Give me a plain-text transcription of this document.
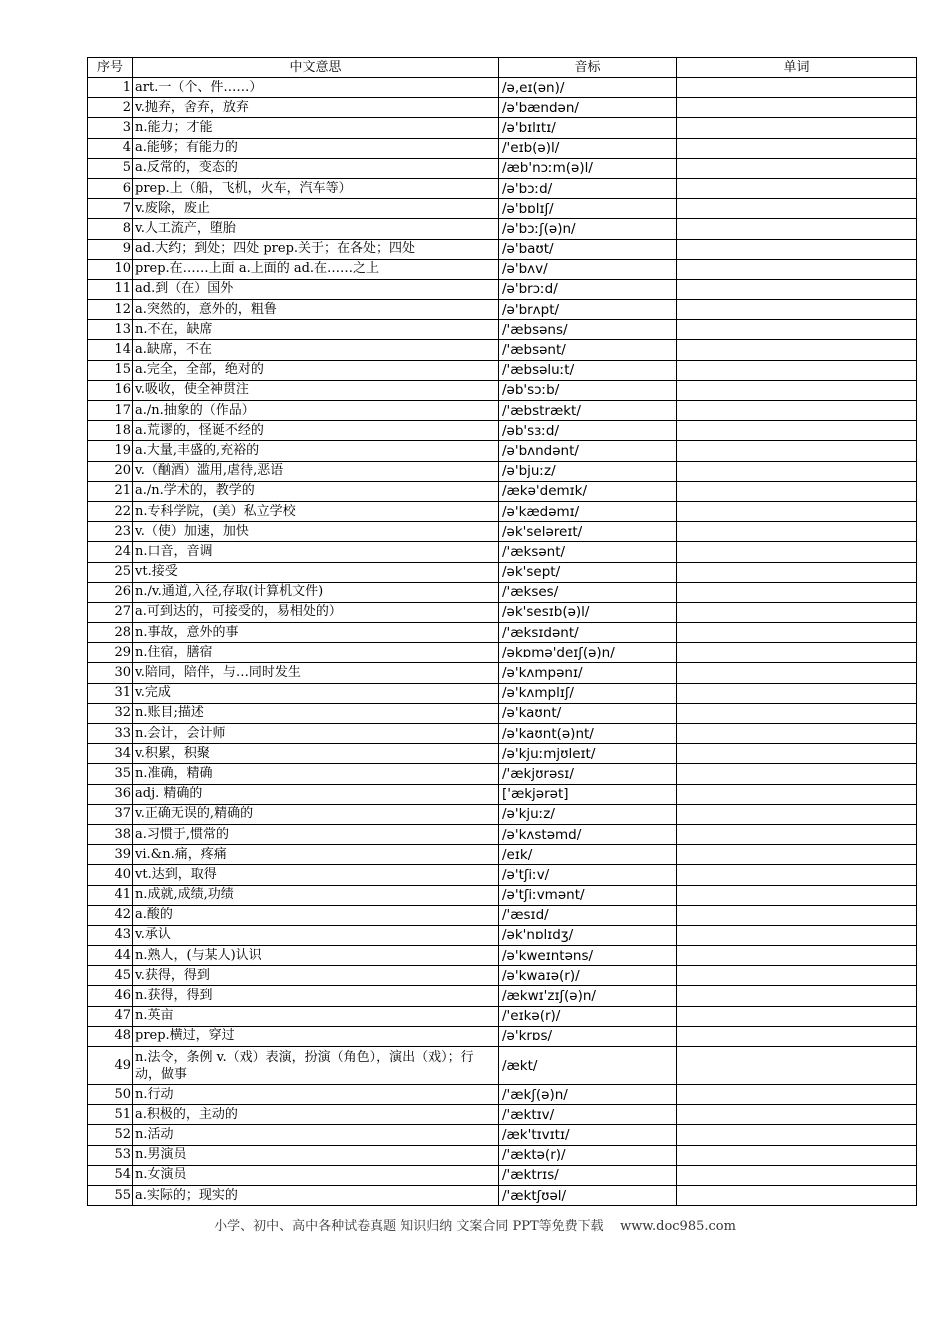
序号	中文意思	音标	单词
1	art.一（个、件……）	/ə,eɪ(ən)/	
2	v.抛弃，舍弃，放弃	/ə'bændən/	
3	n.能力；才能	/ə'bɪlɪtɪ/	
4	a.能够；有能力的	/'eɪb(ə)l/	
5	a.反常的，变态的	/æb'nɔːm(ə)l/	
6	prep.上（船，飞机，火车，汽车等）	/ə'bɔːd/	
7	v.废除，废止	/ə'bɒlɪʃ/	
8	v.人工流产，堕胎	/ə'bɔːʃ(ə)n/	
9	ad.大约；到处；四处 prep.关于；在各处；四处	/ə'baʊt/	
10	prep.在……上面 a.上面的 ad.在……之上	/ə'bʌv/	
11	ad.到（在）国外	/ə'brɔːd/	
12	a.突然的，意外的，粗鲁	/ə'brʌpt/	
13	n.不在，缺席	/'æbsəns/	
14	a.缺席，不在	/'æbsənt/	
15	a.完全，全部，绝对的	/'æbsəluːt/	
16	v.吸收，使全神贯注	/əb'sɔːb/	
17	a./n.抽象的（作品）	/'æbstrækt/	
18	a.荒谬的，怪诞不经的	/əb'sɜːd/	
19	a.大量,丰盛的,充裕的	/ə'bʌndənt/	
20	v.（酗酒）滥用,虐待,恶语	/ə'bjuːz/	
21	a./n.学术的，教学的	/ækə'demɪk/	
22	n.专科学院，(美）私立学校	/ə'kædəmɪ/	
23	v.（使）加速，加快	/ək'seləreɪt/	
24	n.口音，音调	/'æksənt/	
25	vt.接受	/ək'sept/	
26	n./v.通道,入径,存取(计算机文件)	/'ækses/	
27	a.可到达的，可接受的，易相处的）	/ək'sesɪb(ə)l/	
28	n.事故，意外的事	/'æksɪdənt/	
29	n.住宿，膳宿	/əkɒmə'deɪʃ(ə)n/	
30	v.陪同，陪伴，与…同时发生	/ə'kʌmpənɪ/	
31	v.完成	/ə'kʌmplɪʃ/	
32	n.账目;描述	/ə'kaʊnt/	
33	n.会计，会计师	/ə'kaʊnt(ə)nt/	
34	v.积累，积聚	/ə'kjuːmjʊleɪt/	
35	n.准确，精确	/'ækjʊrəsɪ/	
36	adj. 精确的	['ækjərət]	
37	v.正确无误的,精确的	/ə'kjuːz/	
38	a.习惯于,惯常的	/ə'kʌstəmd/	
39	vi.&n.痛，疼痛	/eɪk/	
40	vt.达到，取得	/ə'tʃiːv/	
41	n.成就,成绩,功绩	/ə'tʃiːvmənt/	
42	a.酸的	/'æsɪd/	
43	v.承认	/ək'nɒlɪdʒ/	
44	n.熟人，(与某人)认识	/ə'kweɪntəns/	
45	v.获得，得到	/ə'kwaɪə(r)/	
46	n.获得，得到	/ækwɪ'zɪʃ(ə)n/	
47	n.英亩	/'eɪkə(r)/	
48	prep.横过，穿过	/ə'krɒs/	
49	n.法令，条例 v.（戏）表演，扮演（角色），演出（戏）；行动，做事	/ækt/	
50	n.行动	/'ækʃ(ə)n/	
51	a.积极的，主动的	/'æktɪv/	
52	n.活动	/æk'tɪvɪtɪ/	
53	n.男演员	/'æktə(r)/	
54	n.女演员	/'æktrɪs/	
55	a.实际的；现实的	/'æktʃʊəl/	
小学、初中、高中各种试卷真题 知识归纳 文案合同 PPT等免费下载    www.doc985.com
